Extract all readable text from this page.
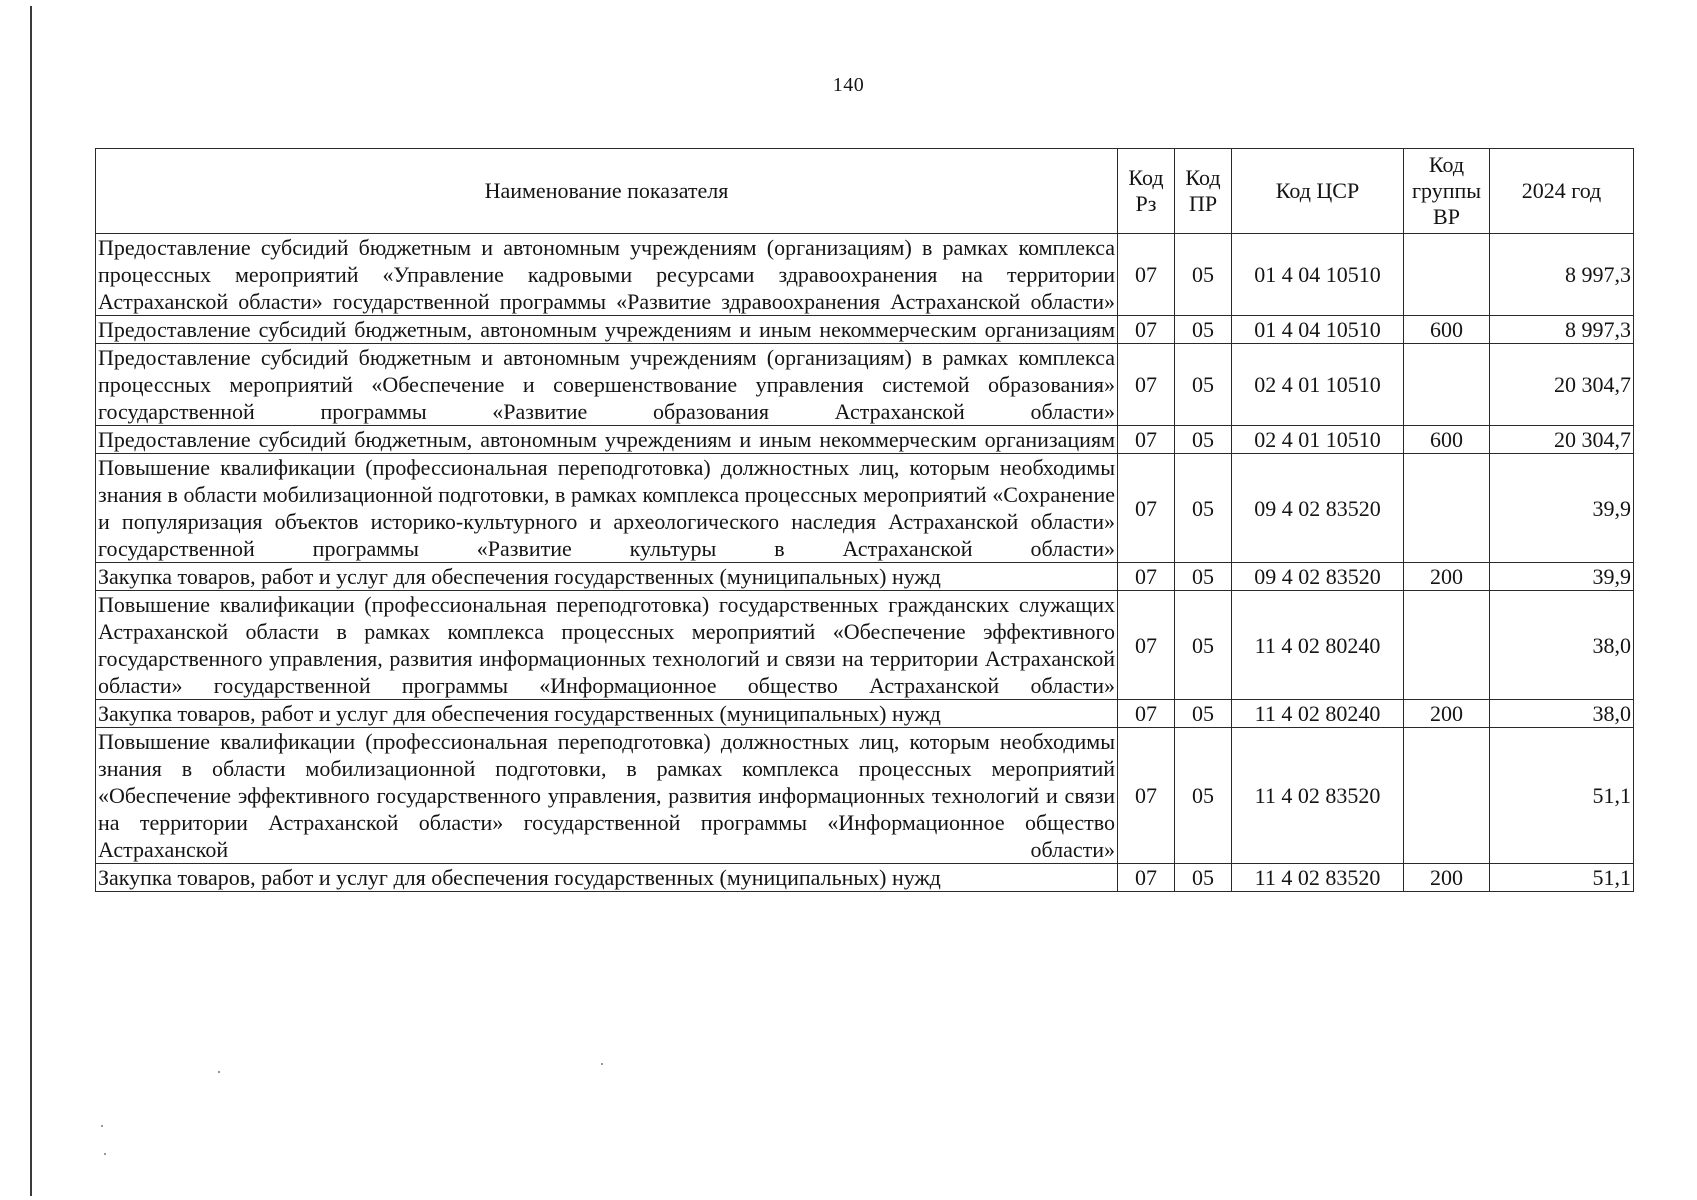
140
Наименование показателя	Код Рз	Код ПР	Код ЦСР	Код группы ВР	2024 год
Предоставление субсидий бюджетным и автономным учреждениям (организациям) в рамках комплекса процессных мероприятий «Управление кадровыми ресурсами здравоохранения на территории Астраханской области» государственной программы «Развитие здравоохранения Астраханской области»	07	05	01 4 04 10510		8 997,3
Предоставление субсидий бюджетным, автономным учреждениям и иным некоммерческим организациям	07	05	01 4 04 10510	600	8 997,3
Предоставление субсидий бюджетным и автономным учреждениям (организациям) в рамках комплекса процессных мероприятий «Обеспечение и совершенствование управления системой образования» государственной программы «Развитие образования Астраханской области»	07	05	02 4 01 10510		20 304,7
Предоставление субсидий бюджетным, автономным учреждениям и иным некоммерческим организациям	07	05	02 4 01 10510	600	20 304,7
Повышение квалификации (профессиональная переподготовка) должностных лиц, которым необходимы знания в области мобилизационной подготовки, в рамках комплекса процессных мероприятий «Сохранение и популяризация объектов историко-культурного и археологического наследия Астраханской области» государственной программы «Развитие культуры в Астраханской области»	07	05	09 4 02 83520		39,9
Закупка товаров, работ и услуг для обеспечения государственных (муниципальных) нужд	07	05	09 4 02 83520	200	39,9
Повышение квалификации (профессиональная переподготовка) государственных гражданских служащих Астраханской области в рамках комплекса процессных мероприятий «Обеспечение эффективного государственного управления, развития информационных технологий и связи на территории Астраханской области» государственной программы «Информационное общество Астраханской области»	07	05	11 4 02 80240		38,0
Закупка товаров, работ и услуг для обеспечения государственных (муниципальных) нужд	07	05	11 4 02 80240	200	38,0
Повышение квалификации (профессиональная переподготовка) должностных лиц, которым необходимы знания в области мобилизационной подготовки, в рамках комплекса процессных мероприятий «Обеспечение эффективного государственного управления, развития информационных технологий и связи на территории Астраханской области» государственной программы «Информационное общество Астраханской области»	07	05	11 4 02 83520		51,1
Закупка товаров, работ и услуг для обеспечения государственных (муниципальных) нужд	07	05	11 4 02 83520	200	51,1
